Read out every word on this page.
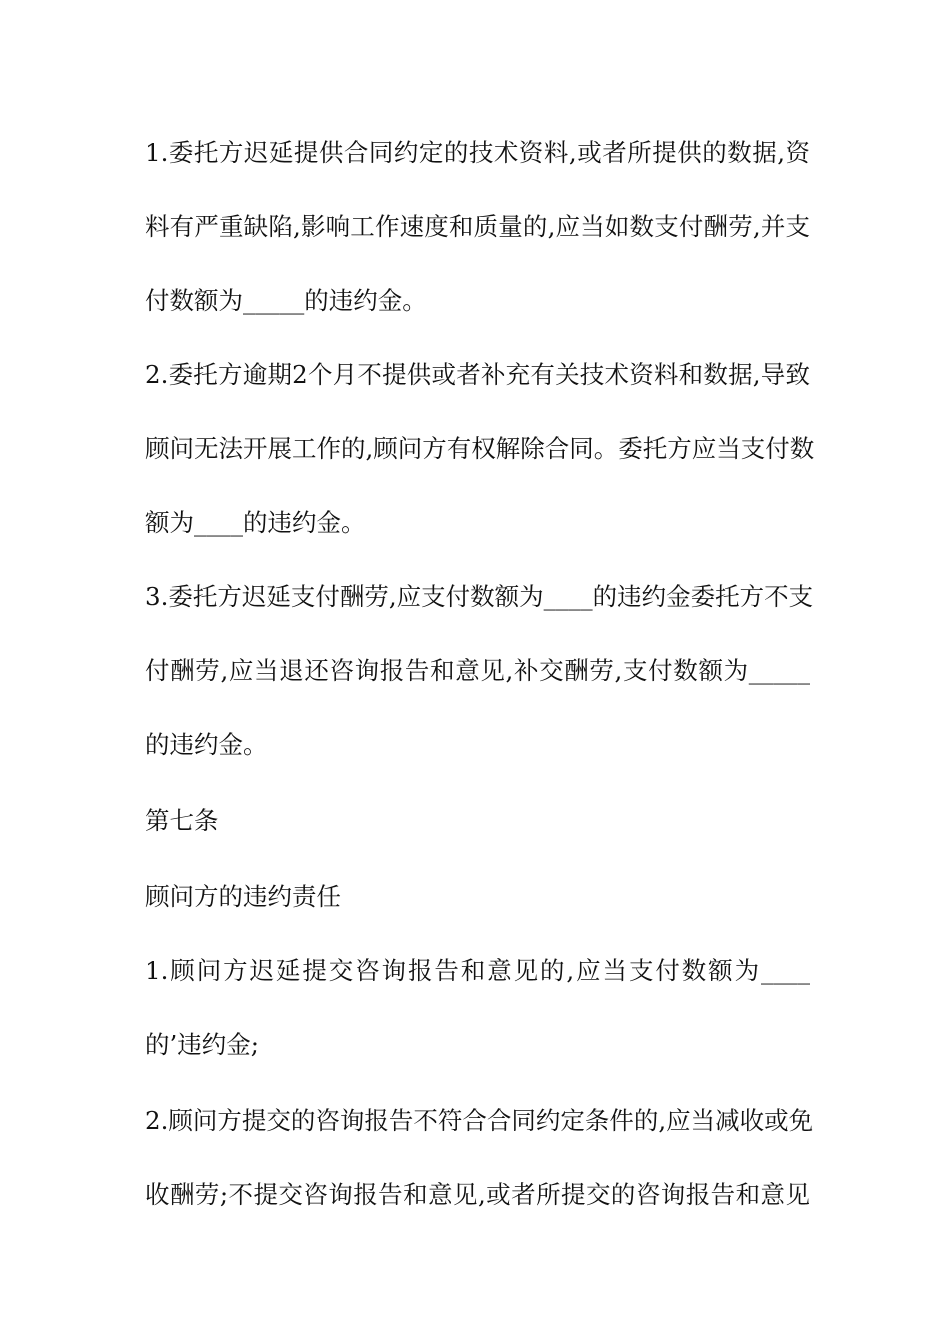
1.委托方迟延提供合同约定的技术资料,或者所提供的数据,资
料有严重缺陷,影响工作速度和质量的,应当如数支付酬劳,并支
付数额为_____的违约金。
2.委托方逾期2个月不提供或者补充有关技术资料和数据,导致
顾问无法开展工作的,顾问方有权解除合同。委托方应当支付数
额为____的违约金。
3.委托方迟延支付酬劳,应支付数额为____的违约金委托方不支
付酬劳,应当退还咨询报告和意见,补交酬劳,支付数额为_____
的违约金。
第七条
顾问方的违约责任
1.顾问方迟延提交咨询报告和意见的,应当支付数额为____
的’违约金;
2.顾问方提交的咨询报告不符合合同约定条件的,应当减收或免
收酬劳;不提交咨询报告和意见,或者所提交的咨询报告和意见
